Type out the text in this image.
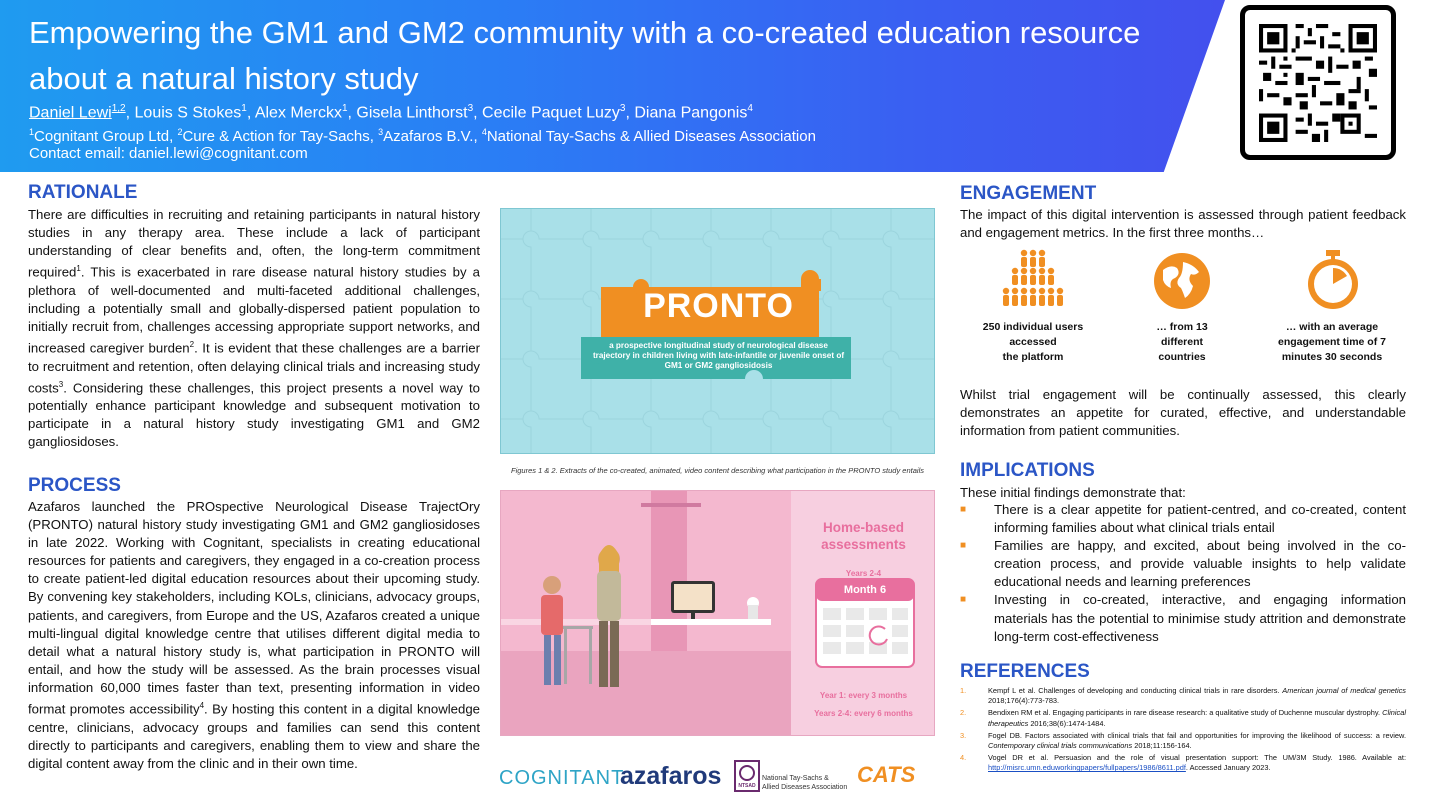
Empowering the GM1 and GM2 community with a co-created education resource about a natural history study
Daniel Lewi$^{1,2}$, Louis S Stokes$^1$, Alex Merckx$^1$, Gisela Linthorst$^3$, Cecile Paquet Luzy$^3$, Diana Pangonis$^4$
$^1$Cognitant Group Ltd, $^2$Cure & Action for Tay-Sachs, $^3$Azafaros B.V., $^4$National Tay-Sachs & Allied Diseases Association
Contact email: daniel.lewi@cognitant.com
RATIONALE
There are difficulties in recruiting and retaining participants in natural history studies in any therapy area. These include a lack of participant understanding of clear benefits and, often, the long-term commitment required$^1$. This is exacerbated in rare disease natural history studies by a plethora of well-documented and multi-faceted additional challenges, including a potentially small and globally-dispersed patient population to initially recruit from, challenges accessing appropriate support networks, and increased caregiver burden$^2$. It is evident that these challenges are a barrier to recruitment and retention, often delaying clinical trials and increasing study costs$^3$. Considering these challenges, this project presents a novel way to potentially enhance participant knowledge and subsequent motivation to participate in a natural history study investigating GM1 and GM2 gangliosidoses.
PROCESS
Azafaros launched the PROspective Neurological Disease TrajectOry (PRONTO) natural history study investigating GM1 and GM2 gangliosidoses in late 2022. Working with Cognitant, specialists in creating educational resources for patients and caregivers, they engaged in a co-creation process to create patient-led digital education resources about their upcoming study. By convening key stakeholders, including KOLs, clinicians, advocacy groups, patients, and caregivers, from Europe and the US, Azafaros created a unique multi-lingual digital knowledge centre that utilises different digital media to detail what a natural history study is, what participation in PRONTO will entail, and how the study will be assessed. As the brain processes visual information 60,000 times faster than text, presenting information in video format promotes accessibility$^4$. By hosting this content in a digital knowledge centre, clinicians, advocacy groups and families can send this content directly to participants and caregivers, enabling them to view and share the digital content away from the clinic and in their own time.
PRONTO
a prospective longitudinal study of neurological disease trajectory in children living with late-infantile or juvenile onset of GM1 or GM2 gangliosidosis
Figures 1 & 2. Extracts of the co-created, animated, video content describing what participation in the PRONTO study entails
Home-based assessments
Years 2-4
Month 6
Year 1: every 3 months
Years 2-4: every 6 months
COGNITANT
azafaros	NTSAD
National Tay-Sachs &
Allied Diseases Association
CATS
ENGAGEMENT
The impact of this digital intervention is assessed through patient feedback and engagement metrics. In the first three months…
250 individual users
accessed
the platform
… from 13
different
countries
… with an average
engagement time of 7
minutes 30 seconds
Whilst trial engagement will be continually assessed, this clearly demonstrates an appetite for curated, effective, and understandable information from patient communities.
IMPLICATIONS
These initial findings demonstrate that:
■ There is a clear appetite for patient-centred, and co-created, content informing families about what clinical trials entail
■ Families are happy, and excited, about being involved in the co-creation process, and provide valuable insights to help validate educational needs and learning preferences
■ Investing in co-created, interactive, and engaging information materials has the potential to minimise study attrition and demonstrate long-term cost-effectiveness
REFERENCES
1.	Kempf L et al. Challenges of developing and conducting clinical trials in rare disorders. American journal of medical genetics 2018;176(4):773-783.
2.	Bendixen RM et al. Engaging participants in rare disease research: a qualitative study of Duchenne muscular dystrophy. Clinical therapeutics 2016;38(6):1474-1484.
3.	Fogel DB. Factors associated with clinical trials that fail and opportunities for improving the likelihood of success: a review. Contemporary clinical trials communications 2018;11:156-164.
4.	Vogel DR et al. Persuasion and the role of visual presentation support: The UM/3M Study. 1986. Available at: http://misrc.umn.eduworkingpapers/fullpapers/1986/8611.pdf. Accessed January 2023.
